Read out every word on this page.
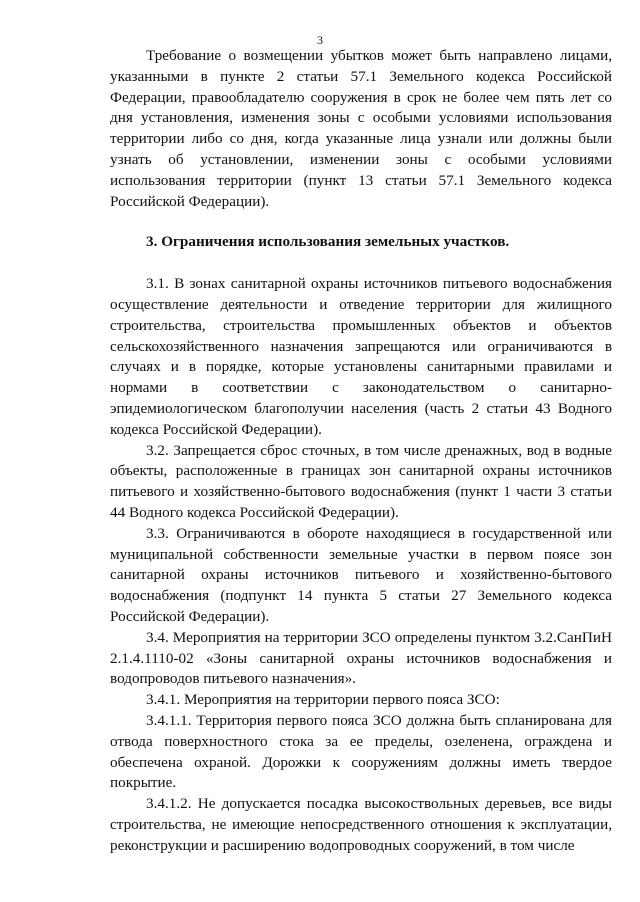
3

Требование о возмещении убытков может быть направлено лицами, указанными в пункте 2 статьи 57.1 Земельного кодекса Российской Федерации, правообладателю сооружения в срок не более чем пять лет со дня установления, изменения зоны с особыми условиями использования территории либо со дня, когда указанные лица узнали или должны были узнать об установлении, изменении зоны с особыми условиями использования территории (пункт 13 статьи 57.1 Земельного кодекса Российской Федерации).

3. Ограничения использования земельных участков.

3.1. В зонах санитарной охраны источников питьевого водоснабжения осуществление деятельности и отведение территории для жилищного строительства, строительства промышленных объектов и объектов сельскохозяйственного назначения запрещаются или ограничиваются в случаях и в порядке, которые установлены санитарными правилами и нормами в соответствии с законодательством о санитарно-эпидемиологическом благополучии населения (часть 2 статьи 43 Водного кодекса Российской Федерации).

3.2. Запрещается сброс сточных, в том числе дренажных, вод в водные объекты, расположенные в границах зон санитарной охраны источников питьевого и хозяйственно-бытового водоснабжения (пункт 1 части 3 статьи 44 Водного кодекса Российской Федерации).

3.3. Ограничиваются в обороте находящиеся в государственной или муниципальной собственности земельные участки в первом поясе зон санитарной охраны источников питьевого и хозяйственно-бытового водоснабжения (подпункт 14 пункта 5 статьи 27 Земельного кодекса Российской Федерации).

3.4. Мероприятия на территории ЗСО определены пунктом 3.2.СанПиН 2.1.4.1110-02 «Зоны санитарной охраны источников водоснабжения и водопроводов питьевого назначения».

3.4.1. Мероприятия на территории первого пояса ЗСО:

3.4.1.1. Территория первого пояса ЗСО должна быть спланирована для отвода поверхностного стока за ее пределы, озеленена, ограждена и обеспечена охраной. Дорожки к сооружениям должны иметь твердое покрытие.

3.4.1.2. Не допускается посадка высокоствольных деревьев, все виды строительства, не имеющие непосредственного отношения к эксплуатации, реконструкции и расширению водопроводных сооружений, в том числе
